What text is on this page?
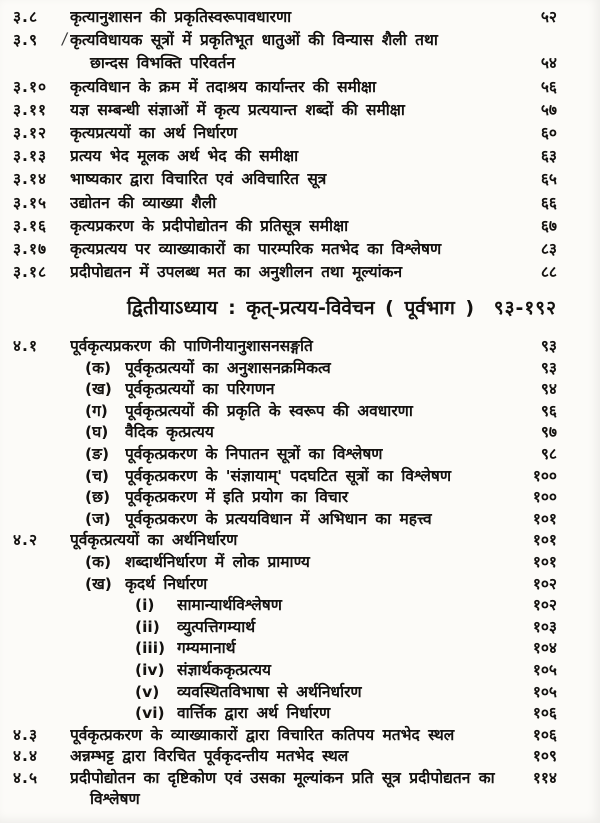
३.८	कृत्यानुशासन की प्रकृतिस्वरूपावधारणा	५२
३.९	/ कृत्यविधायक सूत्रों में प्रकृतिभूत धातुओं की विन्यास शैली तथा
छान्दस विभक्ति परिवर्तन	५४
३.१०	कृत्यविधान के क्रम में तदाश्रय कार्यान्तर की समीक्षा	५६
३.११	यज्ञ सम्बन्धी संज्ञाओं में कृत्य प्रत्ययान्त शब्दों की समीक्षा	५७
३.१२	कृत्यप्रत्ययों का अर्थ निर्धारण	६०
३.१३	प्रत्यय भेद मूलक अर्थ भेद की समीक्षा	६३
३.१४	भाष्यकार द्वारा विचारित एवं अविचारित सूत्र	६५
३.१५	उद्योतन की व्याख्या शैली	६६
३.१६	कृत्यप्रकरण के प्रदीपोद्योतन की प्रतिसूत्र समीक्षा	६७
३.१७	कृत्यप्रत्यय पर व्याख्याकारों का पारम्परिक मतभेद का विश्लेषण	८३
३.१८	प्रदीपोद्यतन में उपलब्ध मत का अनुशीलन तथा मूल्यांकन	८८
द्वितीयाऽध्याय : कृत्-प्रत्यय-विवेचन ( पूर्वभाग ) ९३-१९२
४.१	पूर्वकृत्यप्रकरण की पाणिनीयानुशासनसङ्गति	९३
(क) पूर्वकृत्प्रत्ययों का अनुशासनक्रमिकत्व	९३
(ख) पूर्वकृत्प्रत्ययों का परिगणन	९४
(ग)	पूर्वकृत्प्रत्ययों की प्रकृति के स्वरूप की अवधारणा	९६
(घ)	वैदिक कृत्प्रत्यय	९७
(ङ)	पूर्वकृत्प्रकरण के निपातन सूत्रों का विश्लेषण	९८
(च)	पूर्वकृत्प्रकरण के 'संज्ञायाम्' पदघटित सूत्रों का विश्लेषण	१००
(छ) पूर्वकृत्प्रकरण में इति प्रयोग का विचार	१००
(ज) पूर्वकृत्प्रकरण के प्रत्ययविधान में अभिधान का महत्त्व	१०१
४.२	पूर्वकृत्प्रत्ययों का अर्थनिर्धारण	१०१
(क) शब्दार्थनिर्धारण में लोक प्रामाण्य	१०१
(ख) कृदर्थ निर्धारण	१०२
(i)	सामान्यार्थविश्लेषण	१०२
(ii)	व्युत्पत्तिगम्यार्थ	१०३
(iii) गम्यमानार्थ	१०४
(iv) संज्ञार्थककृत्प्रत्यय	१०५
(v)	व्यवस्थितविभाषा से अर्थनिर्धारण	१०५
(vi) वार्त्तिक द्वारा अर्थ निर्धारण	१०६
४.३	पूर्वकृत्प्रकरण के व्याख्याकारों द्वारा विचारित कतिपय मतभेद स्थल	१०६
४.४	अन्नम्भट्ट द्वारा विरचित पूर्वकृदन्तीय मतभेद स्थल	१०९
४.५	प्रदीपोद्योतन का दृष्टिकोण एवं उसका मूल्यांकन प्रति सूत्र प्रदीपोद्यतन का	११४
विश्लेषण
